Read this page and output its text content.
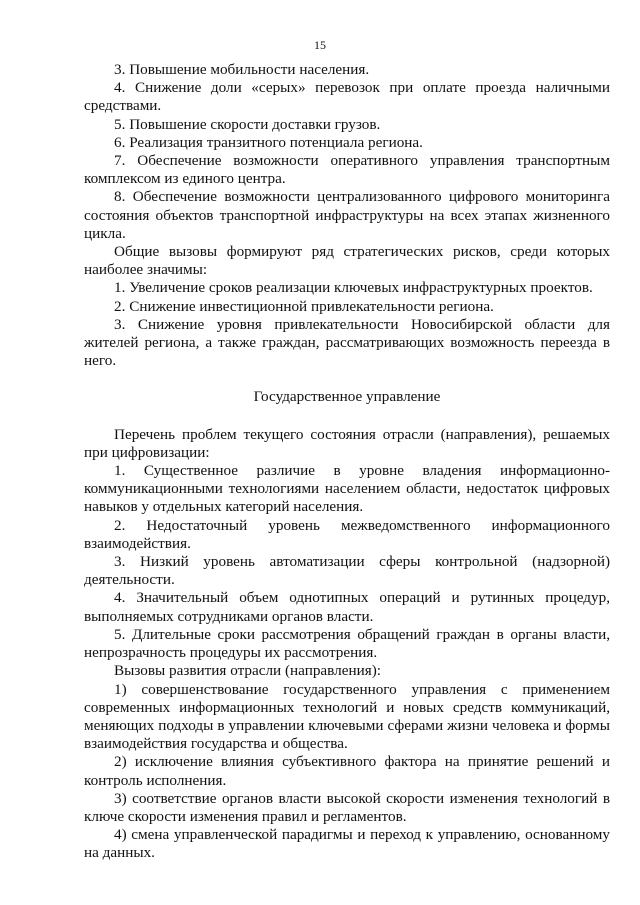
15

3. Повышение мобильности населения.

4. Снижение доли «серых» перевозок при оплате проезда наличными средствами.

5. Повышение скорости доставки грузов.

6. Реализация транзитного потенциала региона.

7. Обеспечение возможности оперативного управления транспортным комплексом из единого центра.

8. Обеспечение возможности централизованного цифрового мониторинга состояния объектов транспортной инфраструктуры на всех этапах жизненного цикла.

Общие вызовы формируют ряд стратегических рисков, среди которых наиболее значимы:

1. Увеличение сроков реализации ключевых инфраструктурных проектов.

2. Снижение инвестиционной привлекательности региона.

3. Снижение уровня привлекательности Новосибирской области для жителей региона, а также граждан, рассматривающих возможность переезда в него.

Государственное управление

Перечень проблем текущего состояния отрасли (направления), решаемых при цифровизации:

1. Существенное различие в уровне владения информационно-коммуникационными технологиями населением области, недостаток цифровых навыков у отдельных категорий населения.

2. Недостаточный уровень межведомственного информационного взаимодействия.

3. Низкий уровень автоматизации сферы контрольной (надзорной) деятельности.

4. Значительный объем однотипных операций и рутинных процедур, выполняемых сотрудниками органов власти.

5. Длительные сроки рассмотрения обращений граждан в органы власти, непрозрачность процедуры их рассмотрения.

Вызовы развития отрасли (направления):

1) совершенствование государственного управления с применением современных информационных технологий и новых средств коммуникаций, меняющих подходы в управлении ключевыми сферами жизни человека и формы взаимодействия государства и общества.

2) исключение влияния субъективного фактора на принятие решений и контроль исполнения.

3) соответствие органов власти высокой скорости изменения технологий в ключе скорости изменения правил и регламентов.

4) смена управленческой парадигмы и переход к управлению, основанному на данных.
